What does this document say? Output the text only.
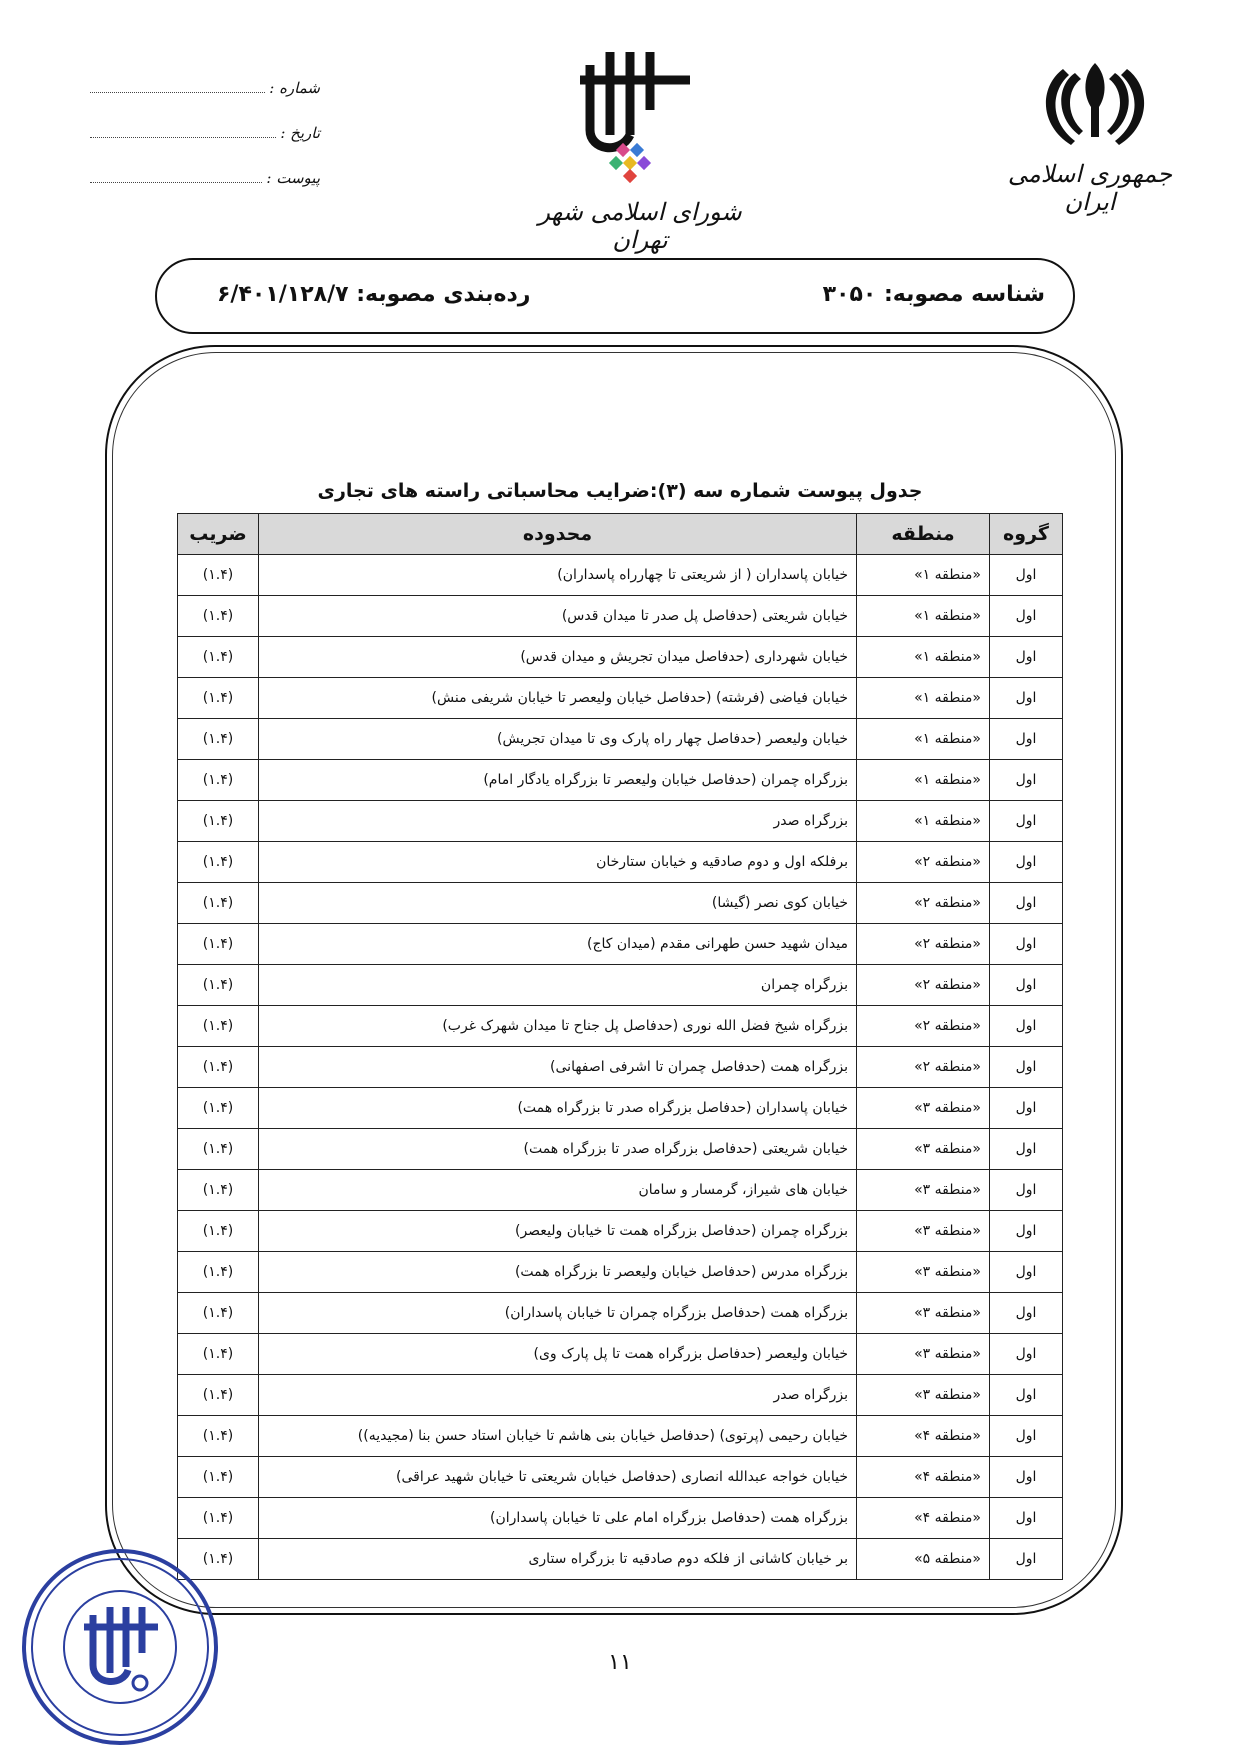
جمهوری اسلامی ایران
شورای اسلامی شهر تهران
شماره :
تاریخ :
پیوست :
شناسه مصوبه: ۳۰۵۰
رده‌بندی مصوبه: ۶/۴۰۱/۱۲۸/۷
جدول پیوست شماره سه (۳):ضرایب محاسباتی راسته های تجاری
گروه	منطقه	محدوده	ضریب
اول	«منطقه ۱»	خیابان پاسداران ( از شریعتی تا چهارراه پاسداران)	(۱.۴)
اول	«منطقه ۱»	خیابان شریعتی (حدفاصل پل صدر تا میدان قدس)	(۱.۴)
اول	«منطقه ۱»	خیابان شهرداری (حدفاصل میدان تجریش و میدان قدس)	(۱.۴)
اول	«منطقه ۱»	خیابان فیاضی (فرشته) (حدفاصل خیابان ولیعصر تا خیابان شریفی منش)	(۱.۴)
اول	«منطقه ۱»	خیابان ولیعصر (حدفاصل چهار راه پارک وی تا میدان تجریش)	(۱.۴)
اول	«منطقه ۱»	بزرگراه چمران (حدفاصل خیابان ولیعصر تا بزرگراه یادگار امام)	(۱.۴)
اول	«منطقه ۱»	بزرگراه صدر	(۱.۴)
اول	«منطقه ۲»	برفلکه اول و دوم صادقیه و خیابان ستارخان	(۱.۴)
اول	«منطقه ۲»	خیابان کوی نصر (گیشا)	(۱.۴)
اول	«منطقه ۲»	میدان شهید حسن طهرانی مقدم (میدان کاج)	(۱.۴)
اول	«منطقه ۲»	بزرگراه چمران	(۱.۴)
اول	«منطقه ۲»	بزرگراه شیخ فضل الله نوری (حدفاصل پل جناح تا میدان شهرک غرب)	(۱.۴)
اول	«منطقه ۲»	بزرگراه همت (حدفاصل چمران تا اشرفی اصفهانی)	(۱.۴)
اول	«منطقه ۳»	خیابان پاسداران (حدفاصل بزرگراه صدر تا بزرگراه همت)	(۱.۴)
اول	«منطقه ۳»	خیابان شریعتی (حدفاصل بزرگراه صدر تا بزرگراه همت)	(۱.۴)
اول	«منطقه ۳»	خیابان های شیراز، گرمسار و سامان	(۱.۴)
اول	«منطقه ۳»	بزرگراه چمران (حدفاصل بزرگراه همت تا خیابان ولیعصر)	(۱.۴)
اول	«منطقه ۳»	بزرگراه مدرس (حدفاصل خیابان ولیعصر تا بزرگراه همت)	(۱.۴)
اول	«منطقه ۳»	بزرگراه همت (حدفاصل بزرگراه چمران تا خیابان پاسداران)	(۱.۴)
اول	«منطقه ۳»	خیابان ولیعصر (حدفاصل بزرگراه همت تا پل پارک وی)	(۱.۴)
اول	«منطقه ۳»	بزرگراه صدر	(۱.۴)
اول	«منطقه ۴»	خیابان رحیمی (پرتوی) (حدفاصل خیابان بنی هاشم تا خیابان استاد حسن بنا (مجیدیه))	(۱.۴)
اول	«منطقه ۴»	خیابان خواجه عبدالله انصاری (حدفاصل خیابان شریعتی تا خیابان شهید عراقی)	(۱.۴)
اول	«منطقه ۴»	بزرگراه همت (حدفاصل بزرگراه امام علی تا خیابان پاسداران)	(۱.۴)
اول	«منطقه ۵»	بر خیابان کاشانی از فلکه دوم صادقیه تا بزرگراه ستاری	(۱.۴)
۱۱
